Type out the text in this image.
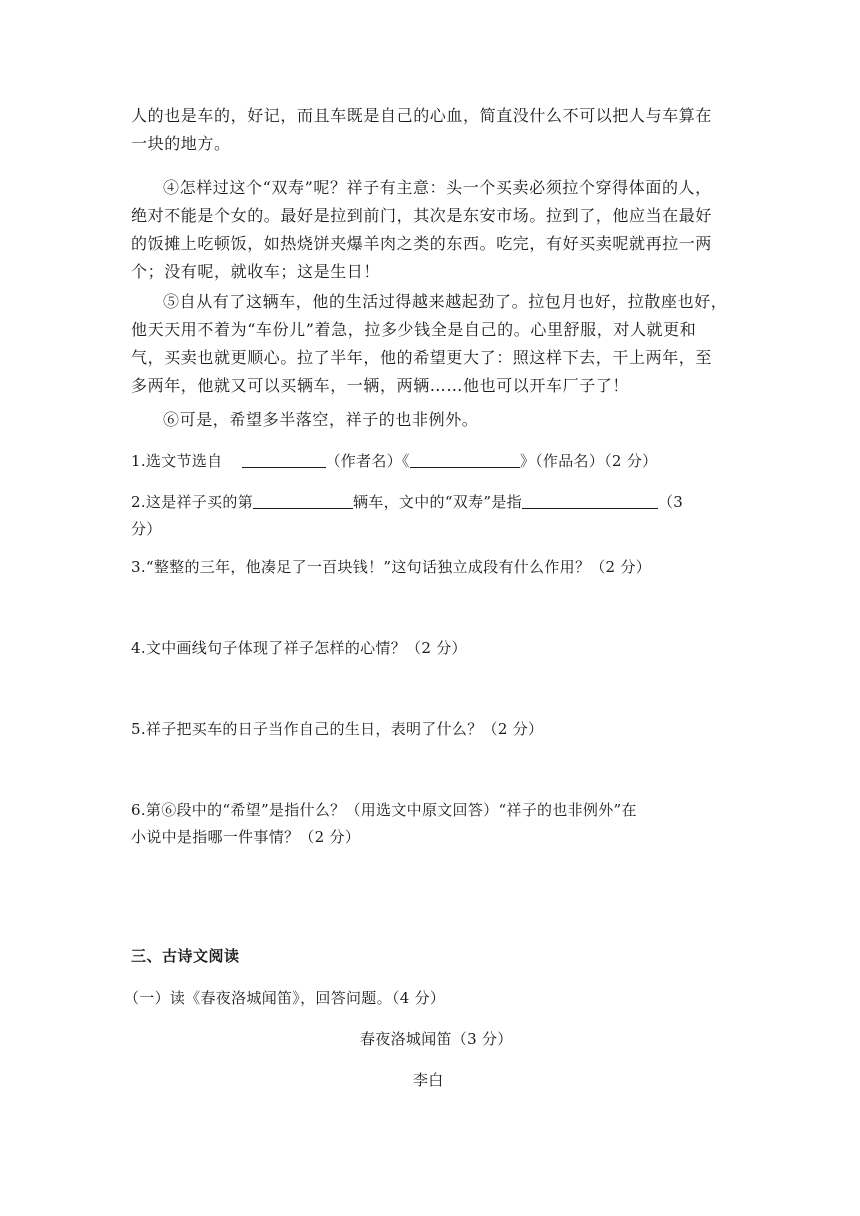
人的也是车的，好记，而且车既是自己的心血，简直没什么不可以把人与车算在
一块的地方。
④怎样过这个“双寿”呢？祥子有主意：头一个买卖必须拉个穿得体面的人，
绝对不能是个女的。最好是拉到前门，其次是东安市场。拉到了，他应当在最好
的饭摊上吃顿饭，如热烧饼夹爆羊肉之类的东西。吃完，有好买卖呢就再拉一两
个；没有呢，就收车；这是生日！
⑤自从有了这辆车，他的生活过得越来越起劲了。拉包月也好，拉散座也好，
他天天用不着为“车份儿”着急，拉多少钱全是自己的。心里舒服，对人就更和
气，买卖也就更顺心。拉了半年，他的希望更大了：照这样下去，干上两年，至
多两年，他就又可以买辆车，一辆，两辆……他也可以开车厂子了！
⑥可是，希望多半落空，祥子的也非例外。
1.选文节选自	（作者名）《	》（作品名）（2 分）
2.这是祥子买的第	辆车，文中的“双寿”是指	（3
分）
3.“整整的三年，他凑足了一百块钱！”这句话独立成段有什么作用？（2 分）
4.文中画线句子体现了祥子怎样的心情？（2 分）
5.祥子把买车的日子当作自己的生日，表明了什么？（2 分）
6.第⑥段中的“希望”是指什么？（用选文中原文回答）“祥子的也非例外”在
小说中是指哪一件事情？（2 分）
三、古诗文阅读
（一）读《春夜洛城闻笛》，回答问题。（4 分）
春夜洛城闻笛（3 分）
李白
